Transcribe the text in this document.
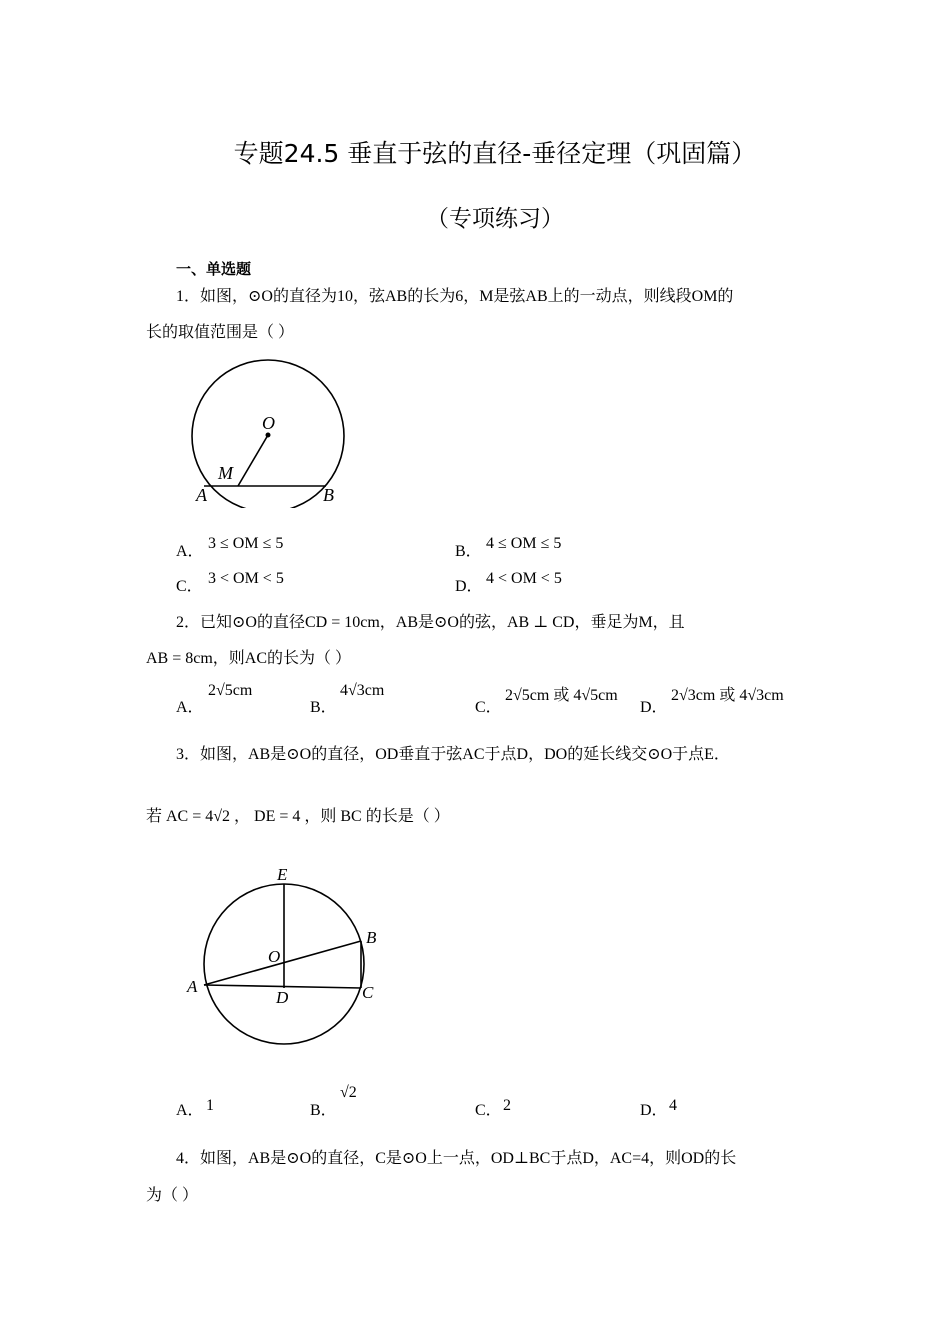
专题24.5 垂直于弦的直径-垂径定理（巩固篇）
（专项练习）
一、单选题
1．如图，⊙O的直径为10，弦AB的长为6，M是弦AB上的一动点，则线段OM的
长的取值范围是（ ）
O
M
A	B
A． 3 ≤ OM ≤ 5	B． 4 ≤ OM ≤ 5
C． 3 < OM < 5	D． 4 < OM < 5
2．已知⊙O的直径CD = 10cm，AB是⊙O的弦，AB ⊥ CD，垂足为M，且
AB = 8cm，则AC的长为（ ）
A．
2√5cm
B．
4√3cm
C．
2√5cm 或 4√5cm
D．
2√3cm 或 4√3cm
3．如图，AB是⊙O的直径，OD垂直于弦AC于点D，DO的延长线交⊙O于点E．
若 AC = 4√2 ， DE = 4 ，则 BC 的长是（ ）
E
B
O
A
D	C
A． 1	B．
√2
C． 2	D． 4
4．如图，AB是⊙O的直径，C是⊙O上一点，OD⊥BC于点D，AC=4，则OD的长
为（ ）
